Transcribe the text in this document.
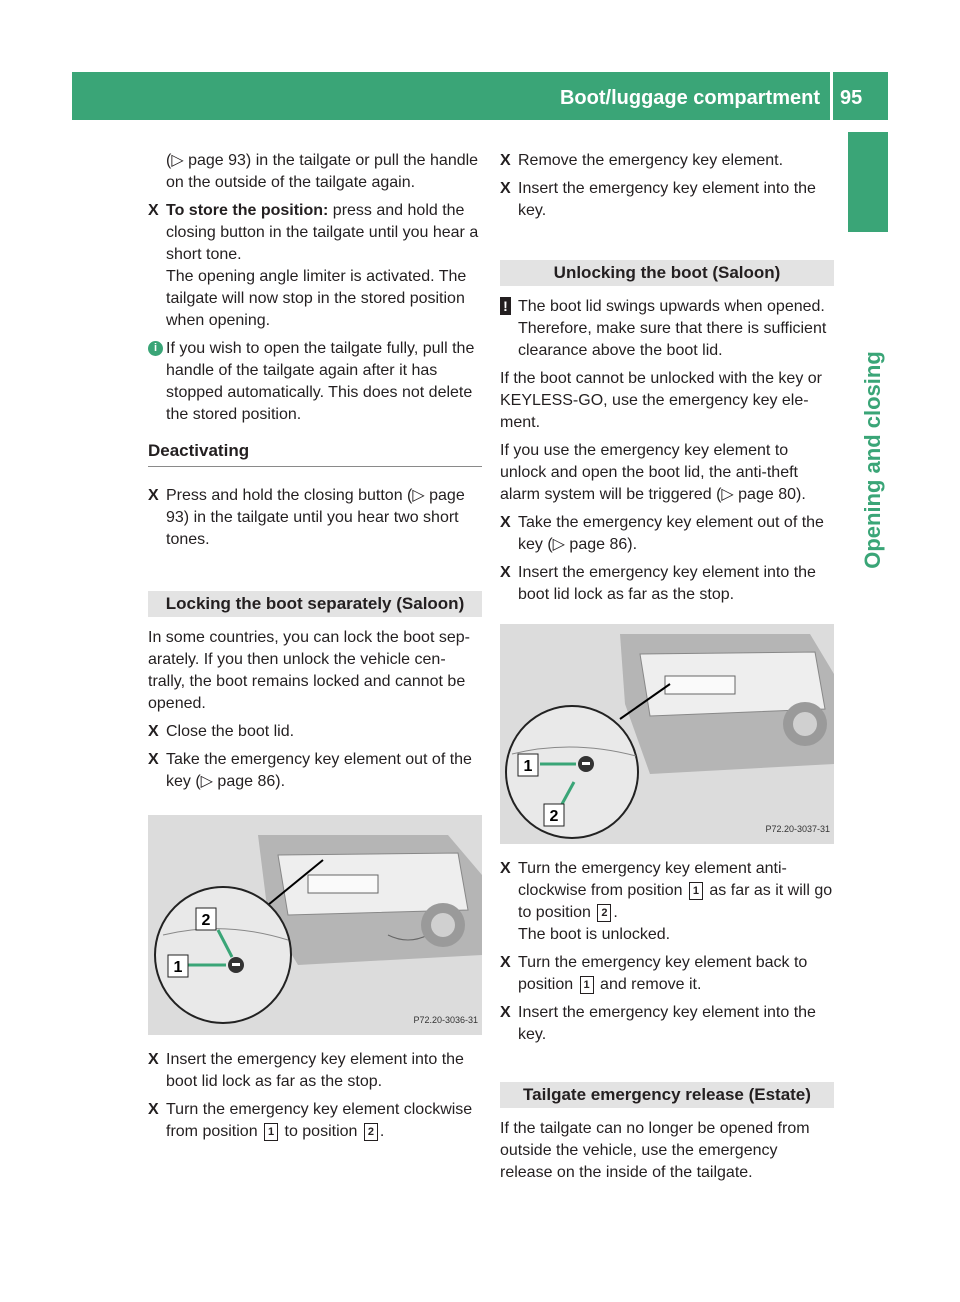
Boot/luggage compartment 95
Opening and closing
(▷ page 93) in the tailgate or pull the handle on the outside of the tailgate again.
X To store the position: press and hold the closing button in the tailgate until you hear a short tone.
The opening angle limiter is activated. The tailgate will now stop in the stored position when opening.
i If you wish to open the tailgate fully, pull the handle of the tailgate again after it has stopped automatically. This does not delete the stored position.
Deactivating
X Press and hold the closing button (▷ page 93) in the tailgate until you hear two short tones.
Locking the boot separately (Saloon)
In some countries, you can lock the boot sep- arately. If you then unlock the vehicle cen- trally, the boot remains locked and cannot be opened.
X Close the boot lid.
X Take the emergency key element out of the key (▷ page 86).
1
2
P72.20-3036-31
X Insert the emergency key element into the boot lid lock as far as the stop.
X Turn the emergency key element clockwise from position 1 to position 2 .
X Remove the emergency key element.
X Insert the emergency key element into the key.
Unlocking the boot (Saloon)
! The boot lid swings upwards when opened. Therefore, make sure that there is sufficient clearance above the boot lid.
If the boot cannot be unlocked with the key or KEYLESS-GO, use the emergency key ele- ment.
If you use the emergency key element to unlock and open the boot lid, the anti-theft alarm system will be triggered (▷ page 80).
X Take the emergency key element out of the key (▷ page 86).
X Insert the emergency key element into the boot lid lock as far as the stop.
1
2
P72.20-3037-31
X Turn the emergency key element anti- clockwise from position 1 as far as it will go to position 2 .
The boot is unlocked.
X Turn the emergency key element back to position 1 and remove it.
X Insert the emergency key element into the key.
Tailgate emergency release (Estate)
If the tailgate can no longer be opened from outside the vehicle, use the emergency release on the inside of the tailgate.
